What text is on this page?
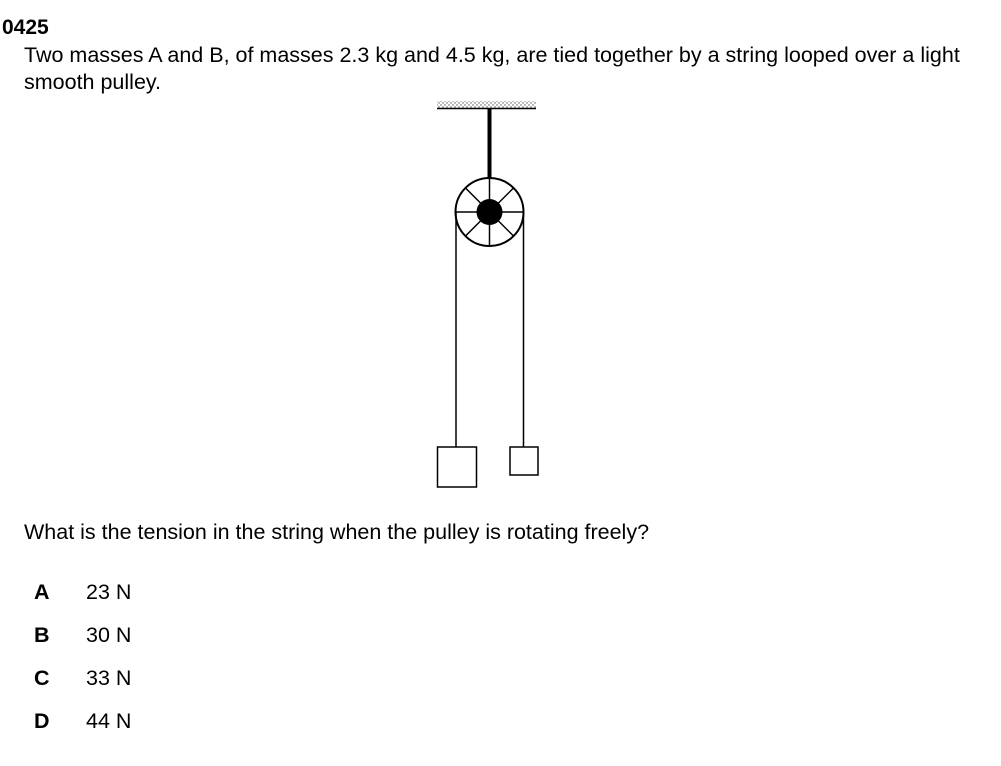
0425

Two masses A and B, of masses 2.3 kg and 4.5 kg, are tied together by a string looped over a light smooth pulley.

What is the tension in the string when the pulley is rotating freely?

A	23 N
B	30 N
C	33 N
D	44 N
